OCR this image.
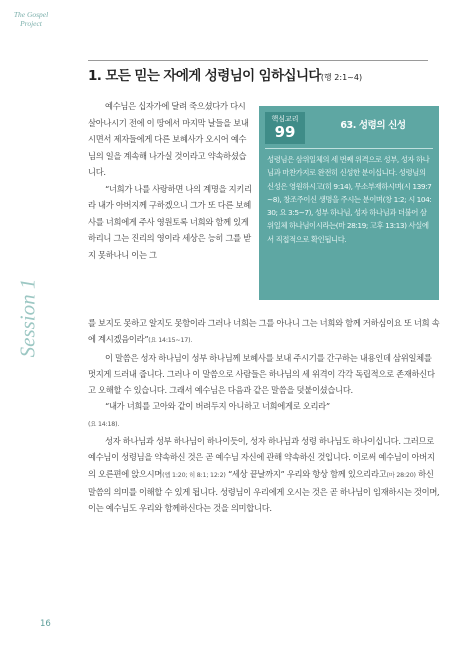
The Gospel Project
Session 1
16
1. 모든 믿는 자에게 성령님이 임하십니다(행 2:1~4)

예수님은 십자가에 달려 죽으셨다가 다시 살아나시기 전에 이 땅에서 마지막 날들을 보내시면서 제자들에게 다른 보혜사가 오시어 예수님의 일을 계속해 나가실 것이라고 약속하셨습니다.

“너희가 나를 사랑하면 나의 계명을 지키리라 내가 아버지께 구하겠으니 그가 또 다른 보혜사를 너희에게 주사 영원토록 너희와 함께 있게 하리니 그는 진리의 영이라 세상은 능히 그를 받지 못하나니 이는 그

핵심교리
99	63. 성령의 신성
성령님은 삼위일체의 세 번째 위격으로 성부, 성자 하나님과 마찬가지로 완전히 신성한 분이십니다. 성령님의 신성은 영원하시고(히 9:14), 무소부재하시며(시 139:7~8), 창조주이신 생명을 주시는 분이며(창 1:2; 시 104:30; 요 3:5~7), 성부 하나님, 성자 하나님과 더불어 삼위일체 하나님이시라는(마 28:19; 고후 13:13) 사실에서 직접적으로 확인됩니다.

를 보지도 못하고 알지도 못함이라 그러나 너희는 그를 아나니 그는 너희와 함께 거하심이요 또 너희 속에 계시겠음이라”(요 14:15~17).

이 말씀은 성자 하나님이 성부 하나님께 보혜사를 보내 주시기를 간구하는 내용인데 삼위일체를 멋지게 드러내 줍니다. 그러나 이 말씀으로 사람들은 하나님의 세 위격이 각각 독립적으로 존재하신다고 오해할 수 있습니다. 그래서 예수님은 다음과 같은 말씀을 덧붙이셨습니다.

“내가 너희를 고아와 같이 버려두지 아니하고 너희에게로 오리라”

(요 14:18).

성자 하나님과 성부 하나님이 하나이듯이, 성자 하나님과 성령 하나님도 하나이십니다. 그러므로 예수님이 성령님을 약속하신 것은 곧 예수님 자신에 관해 약속하신 것입니다. 이로써 예수님이 아버지의 오른편에 앉으시며(엡 1:20; 히 8:1; 12:2) “세상 끝날까지” 우리와 항상 함께 있으리라고(마 28:20) 하신 말씀의 의미를 이해할 수 있게 됩니다. 성령님이 우리에게 오시는 것은 곧 하나님이 임재하시는 것이며, 이는 예수님도 우리와 함께하신다는 것을 의미합니다.
